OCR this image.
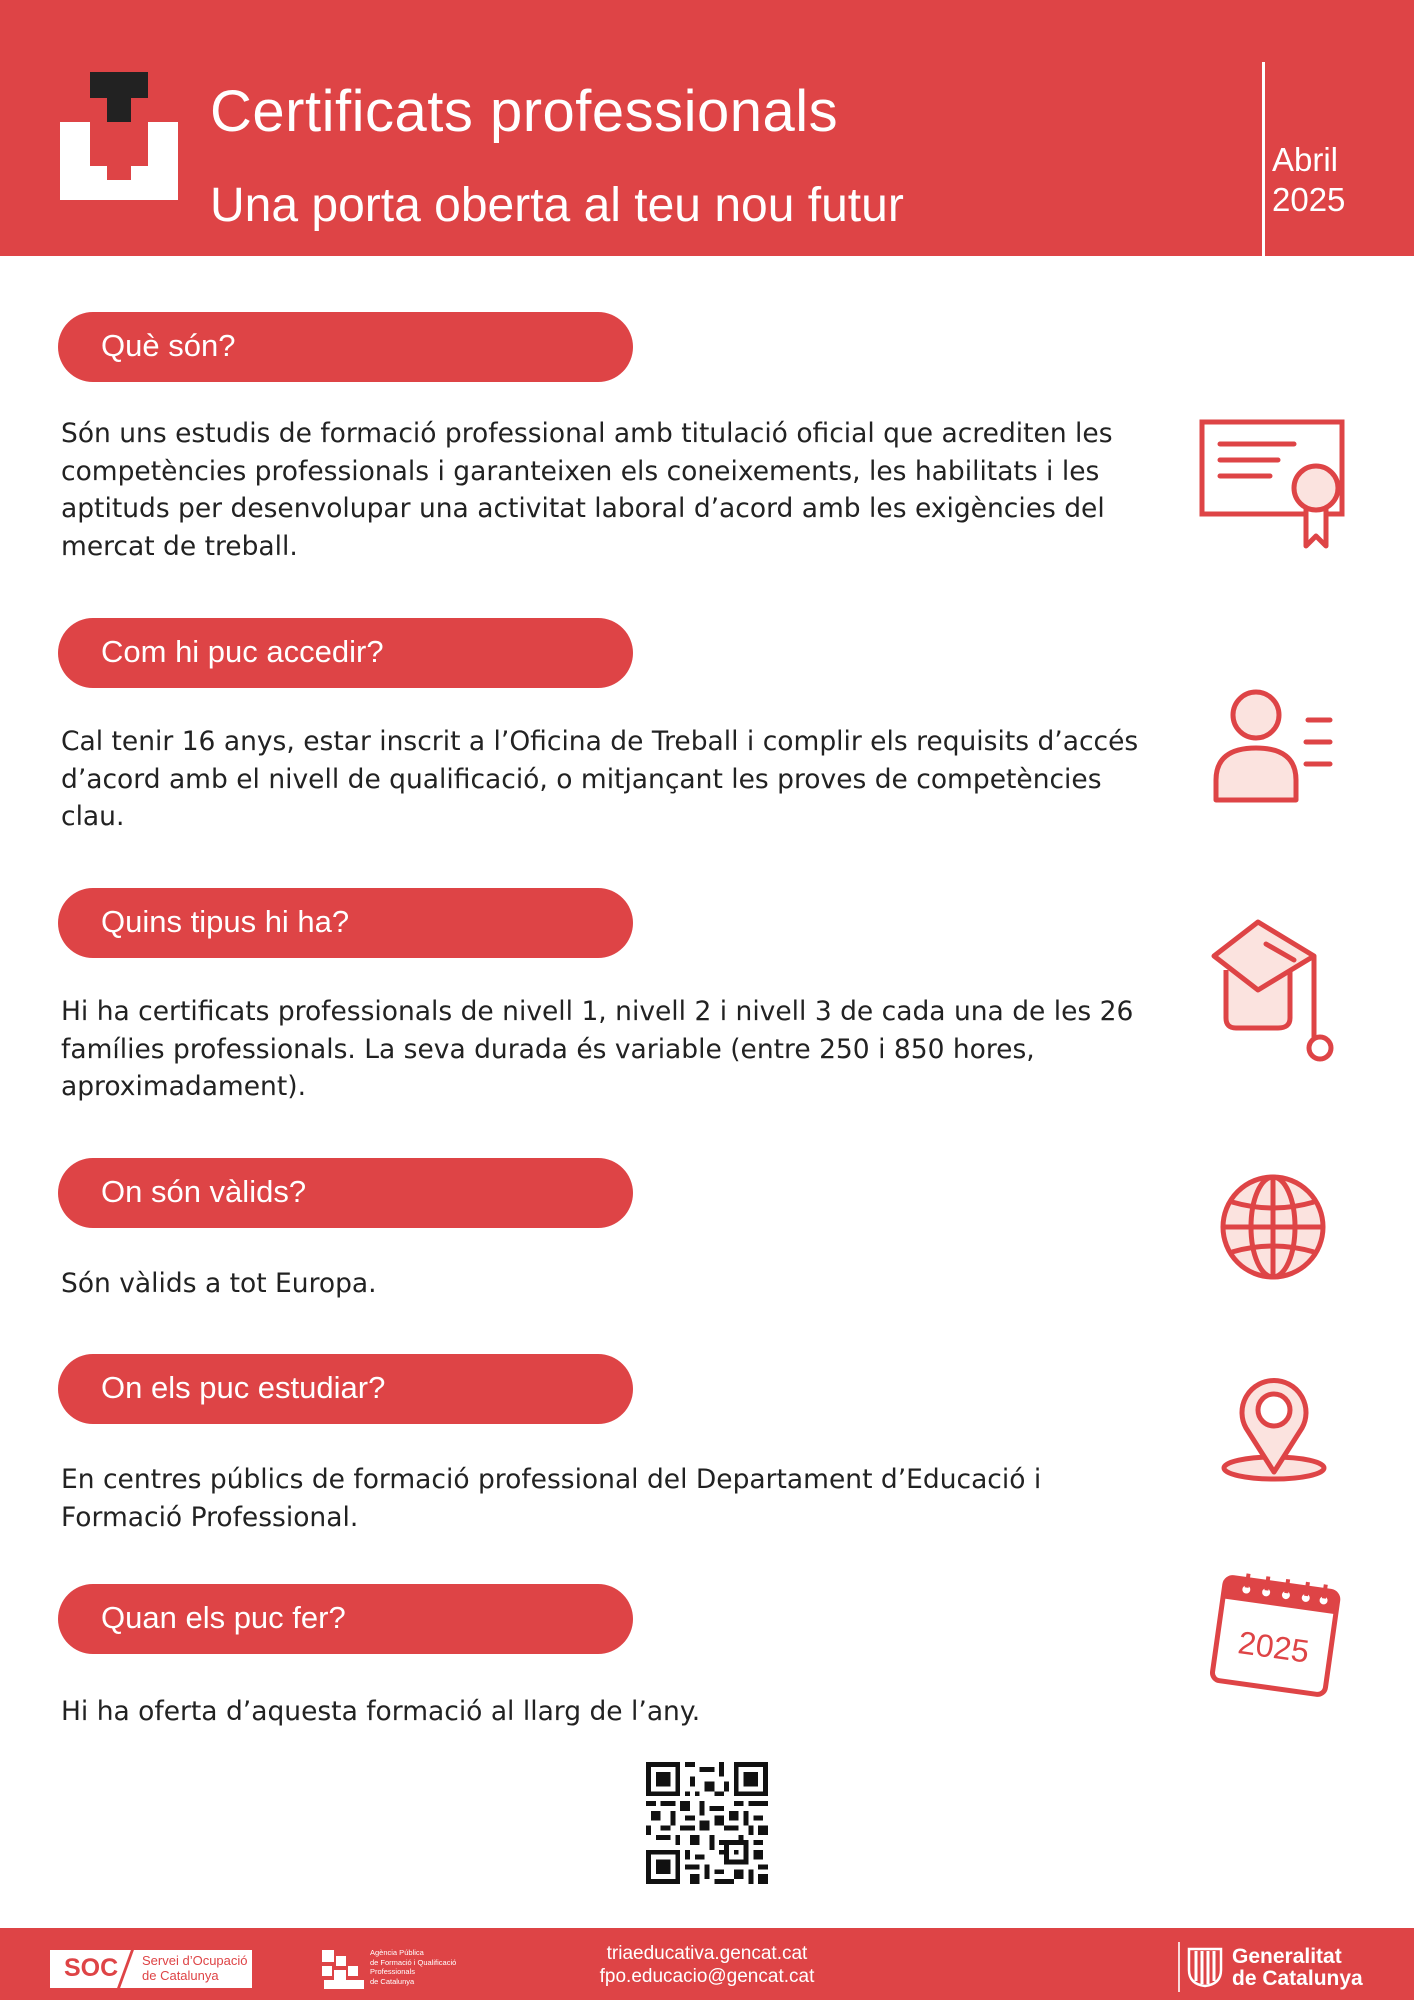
Certificats professionals
Una porta oberta al teu nou futur
Abril
2025
Què són?
Són uns estudis de formació professional amb titulació oficial que acrediten les competències professionals i garanteixen els coneixements, les habilitats i les aptituds per desenvolupar una activitat laboral d’acord amb les exigències del mercat de treball.
Com hi puc accedir?
Cal tenir 16 anys, estar inscrit a l’Oficina de Treball i complir els requisits d’accés d’acord amb el nivell de qualificació, o mitjançant les proves de competències clau.
Quins tipus hi ha?
Hi ha certificats professionals de nivell 1, nivell 2 i nivell 3 de cada una de les 26 famílies professionals. La seva durada és variable (entre 250 i 850 hores, aproximadament).
On són vàlids?
Són vàlids a tot Europa.
On els puc estudiar?
En centres públics de formació professional del Departament d’Educació i Formació Professional.
Quan els puc fer?
Hi ha oferta d’aquesta formació al llarg de l’any.
2025
SOC Servei d’Ocupació
de Catalunya
Agència Pública
de Formació i Qualificació
Professionals
de Catalunya
triaeducativa.gencat.cat
fpo.educacio@gencat.cat
Generalitat
de Catalunya
